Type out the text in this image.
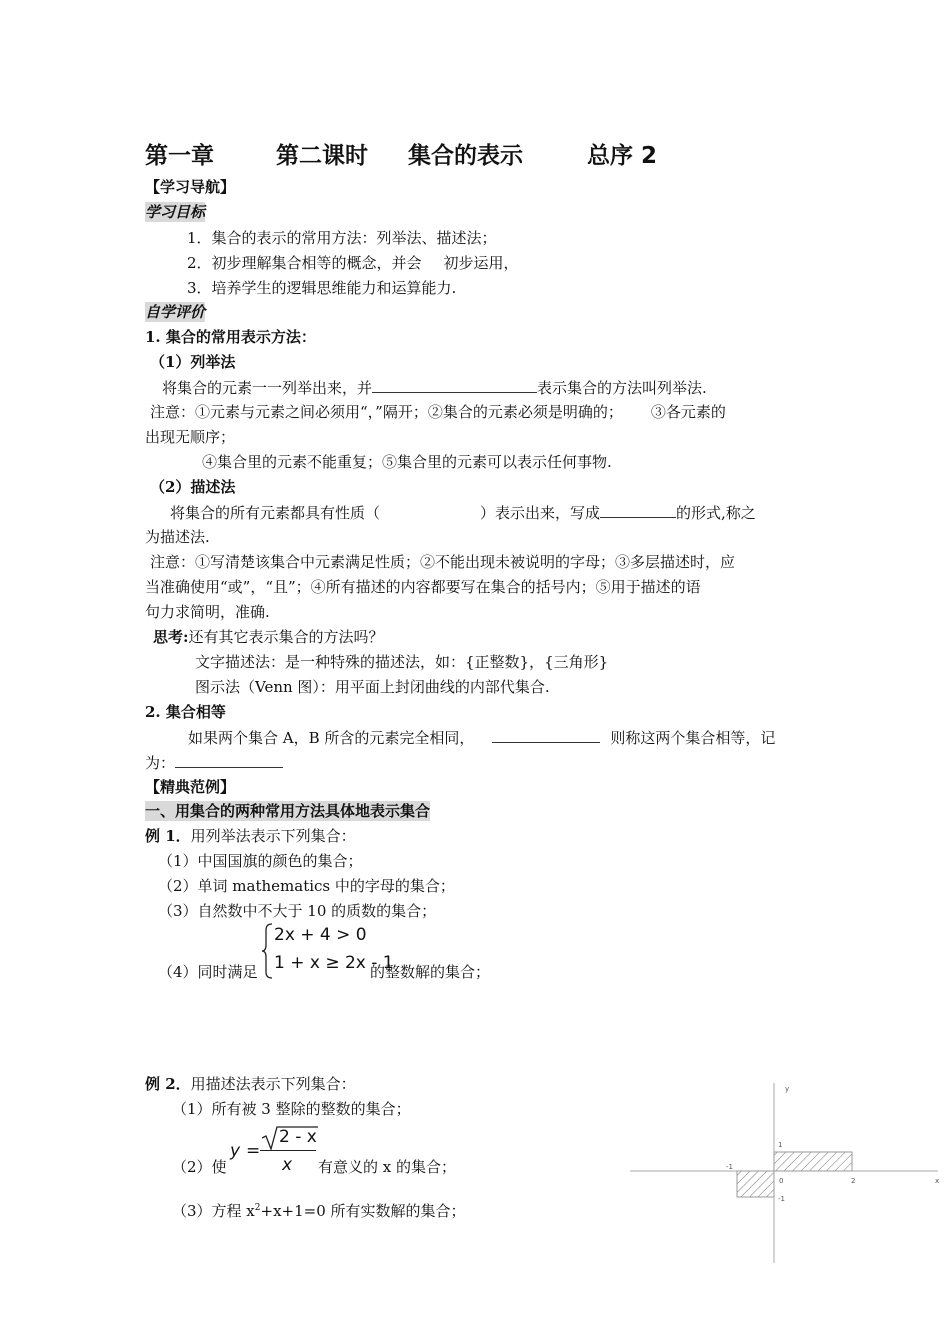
第一章	第二课时 集合的表示	总序 2
【学习导航】
学习目标
1．集合的表示的常用方法：列举法、描述法；
2．初步理解集合相等的概念，并会 初步运用，
3．培养学生的逻辑思维能力和运算能力.
自学评价
1. 集合的常用表示方法：
（1）列举法
将集合的元素一一列举出来，并	表示集合的方法叫列举法.
注意：①元素与元素之间必须用“，”隔开；②集合的元素必须是明确的； ③各元素的
出现无顺序；
④集合里的元素不能重复；⑤集合里的元素可以表示任何事物.
（2）描述法
将集合的所有元素都具有性质（	）表示出来，写成	的形式,称之
为描述法.
注意：①写清楚该集合中元素满足性质；②不能出现未被说明的字母；③多层描述时，应
当准确使用“或”，“且”；④所有描述的内容都要写在集合的括号内；⑤用于描述的语
句力求简明，准确.
思考:还有其它表示集合的方法吗？
文字描述法：是一种特殊的描述法，如：{正整数}，{三角形}
图示法（Venn 图）：用平面上封闭曲线的内部代集合.
2. 集合相等
如果两个集合 A，B 所含的元素完全相同，	则称这两个集合相等，记
为：
【精典范例】
一、用集合的两种常用方法具体地表示集合
例 1．用列举法表示下列集合：
（1）中国国旗的颜色的集合；
（2）单词 mathematics 中的字母的集合；
（3）自然数中不大于 10 的质数的集合；
（4）同时满足
2x + 4 > 0
1 + x ≥ 2x - 1
的整数解的集合；
例 2．用描述法表示下列集合：
（1）所有被 3 整除的整数的集合；
（2）使
y =
2 - x
x 有意义的 x 的集合；
（3）方程 $x^2+x+1=0$ 所有实数解的集合；
x
y
-1
0	2
1
-1
